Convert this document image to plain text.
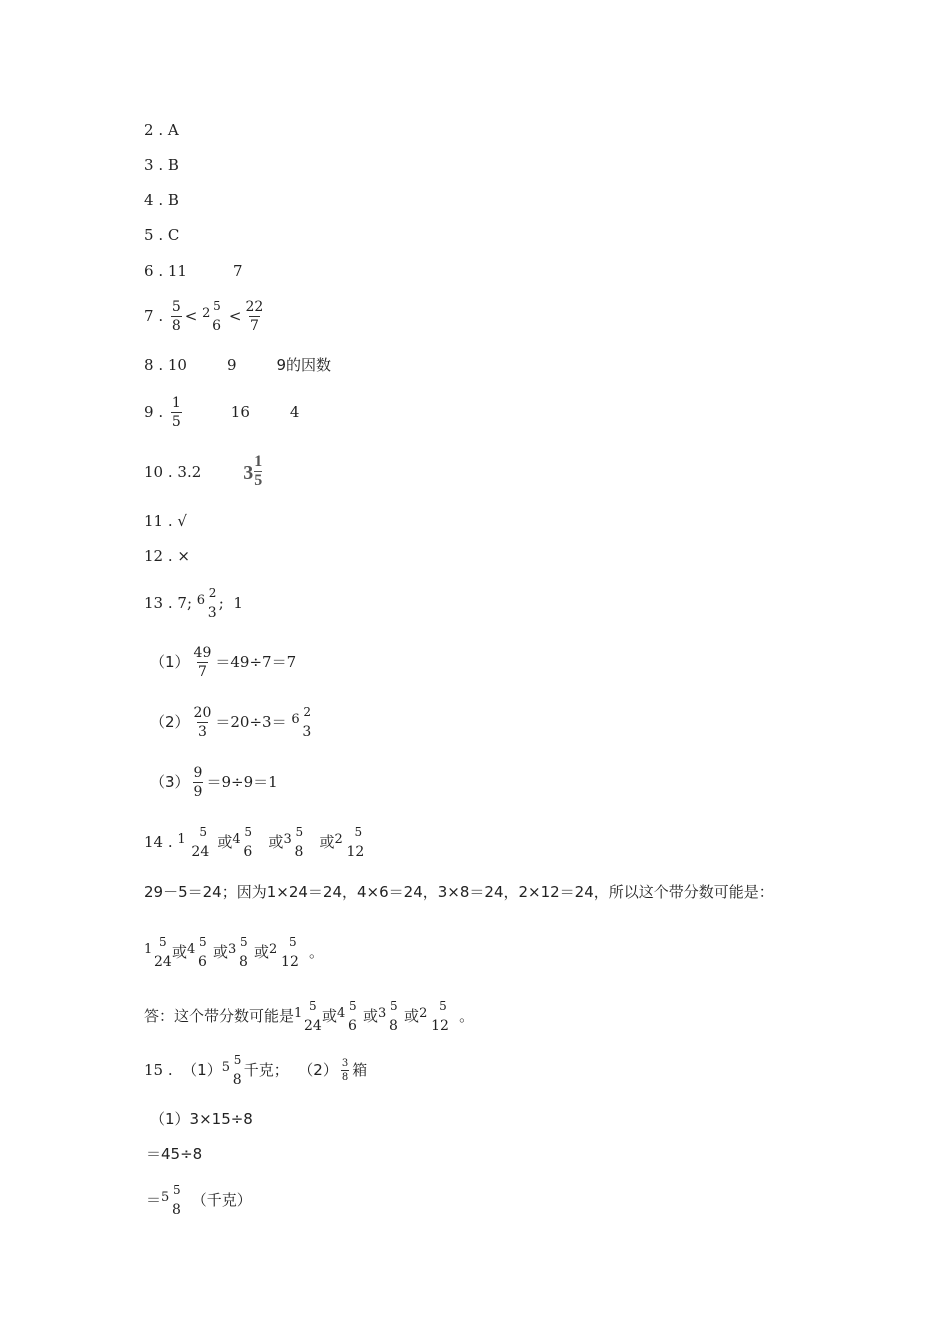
2 . A
3 . B
4 . B
5 . C
6 . 11	7
7 .
5
8
<
2 5
6

<
22
7
8 . 10	9	9的因数
9 .
1
5
16	4
10 . 3.2 3
1
5
11 . √
12 . ×
13 . 7 ; 6 2
3
; 1
（1）
49
7
＝49÷7＝7
（2）
20
3
＝20÷3＝
6 2
3
（3）
9
9
＝9÷9＝1
14 . 1 5
24
或 4 5
6
或 3 5
8
或 2 5
12
29－5＝24；因为1×24＝24，4×6＝24，3×8＝24，2×12＝24，所以这个带分数可能是：
1 5
24
或 4 5
6
或 3 5
8
或 2 5
12
。
答：这个带分数可能是 1 5
24
或 4 5
6
或 3 5
8
或 2 5
12
。
15 . （1） 5 5
8
千克；
（2） 3
8 箱
（1）3×15÷8
＝45÷8
＝ 5 5
8

（千克）
